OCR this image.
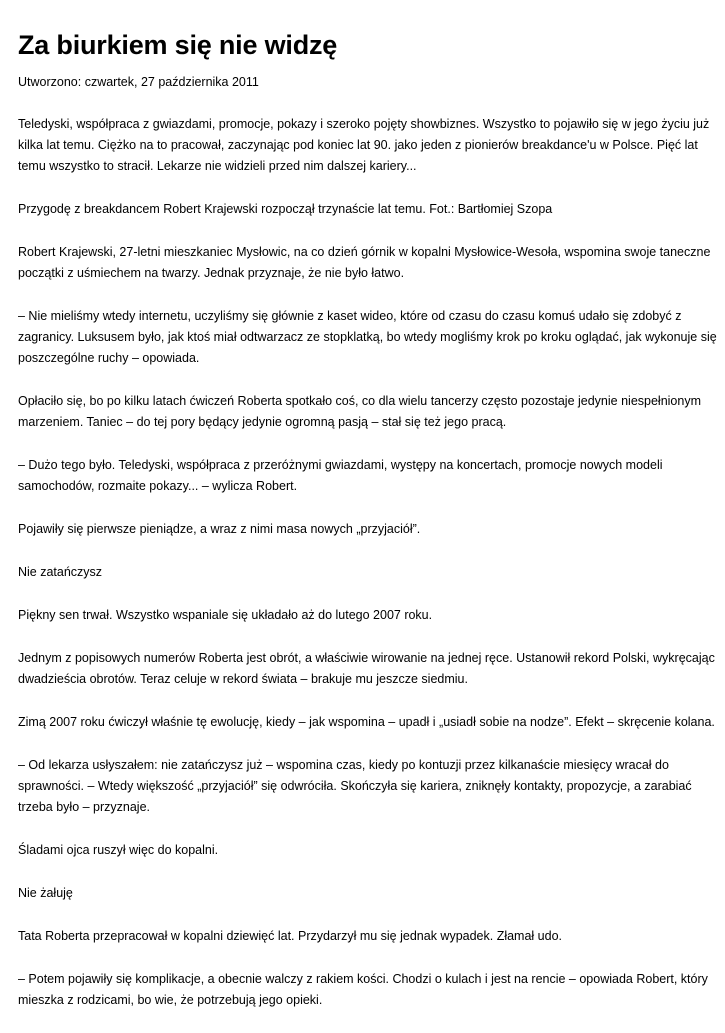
Za biurkiem się nie widzę

Utworzono: czwartek, 27 października 2011

Teledyski, współpraca z gwiazdami, promocje, pokazy i szeroko pojęty showbiznes. Wszystko to pojawiło się w jego życiu już kilka lat temu. Ciężko na to pracował, zaczynając pod koniec lat 90. jako jeden z pionierów breakdance'u w Polsce. Pięć lat temu wszystko to stracił. Lekarze nie widzieli przed nim dalszej kariery...

Przygodę z breakdancem Robert Krajewski rozpoczął trzynaście lat temu. Fot.: Bartłomiej Szopa

Robert Krajewski, 27-letni mieszkaniec Mysłowic, na co dzień górnik w kopalni Mysłowice-Wesoła, wspomina swoje taneczne początki z uśmiechem na twarzy. Jednak przyznaje, że nie było łatwo.

– Nie mieliśmy wtedy internetu, uczyliśmy się głównie z kaset wideo, które od czasu do czasu komuś udało się zdobyć z zagranicy. Luksusem było, jak ktoś miał odtwarzacz ze stopklatką, bo wtedy mogliśmy krok po kroku oglądać, jak wykonuje się poszczególne ruchy – opowiada.

Opłaciło się, bo po kilku latach ćwiczeń Roberta spotkało coś, co dla wielu tancerzy często pozostaje jedynie niespełnionym marzeniem. Taniec – do tej pory będący jedynie ogromną pasją – stał się też jego pracą.

– Dużo tego było. Teledyski, współpraca z przeróżnymi gwiazdami, występy na koncertach, promocje nowych modeli samochodów, rozmaite pokazy... – wylicza Robert.

Pojawiły się pierwsze pieniądze, a wraz z nimi masa nowych „przyjaciół”.

Nie zatańczysz

Piękny sen trwał. Wszystko wspaniale się układało aż do lutego 2007 roku.

Jednym z popisowych numerów Roberta jest obrót, a właściwie wirowanie na jednej ręce. Ustanowił rekord Polski, wykręcając dwadzieścia obrotów. Teraz celuje w rekord świata – brakuje mu jeszcze siedmiu.

Zimą 2007 roku ćwiczył właśnie tę ewolucję, kiedy – jak wspomina – upadł i „usiadł sobie na nodze”. Efekt – skręcenie kolana.

– Od lekarza usłyszałem: nie zatańczysz już – wspomina czas, kiedy po kontuzji przez kilkanaście miesięcy wracał do sprawności. – Wtedy większość „przyjaciół” się odwróciła. Skończyła się kariera, zniknęły kontakty, propozycje, a zarabiać trzeba było – przyznaje.

Śladami ojca ruszył więc do kopalni.

Nie żałuję

Tata Roberta przepracował w kopalni dziewięć lat. Przydarzył mu się jednak wypadek. Złamał udo.

– Potem pojawiły się komplikacje, a obecnie walczy z rakiem kości. Chodzi o kulach i jest na rencie – opowiada Robert, który mieszka z rodzicami, bo wie, że potrzebują jego opieki.
